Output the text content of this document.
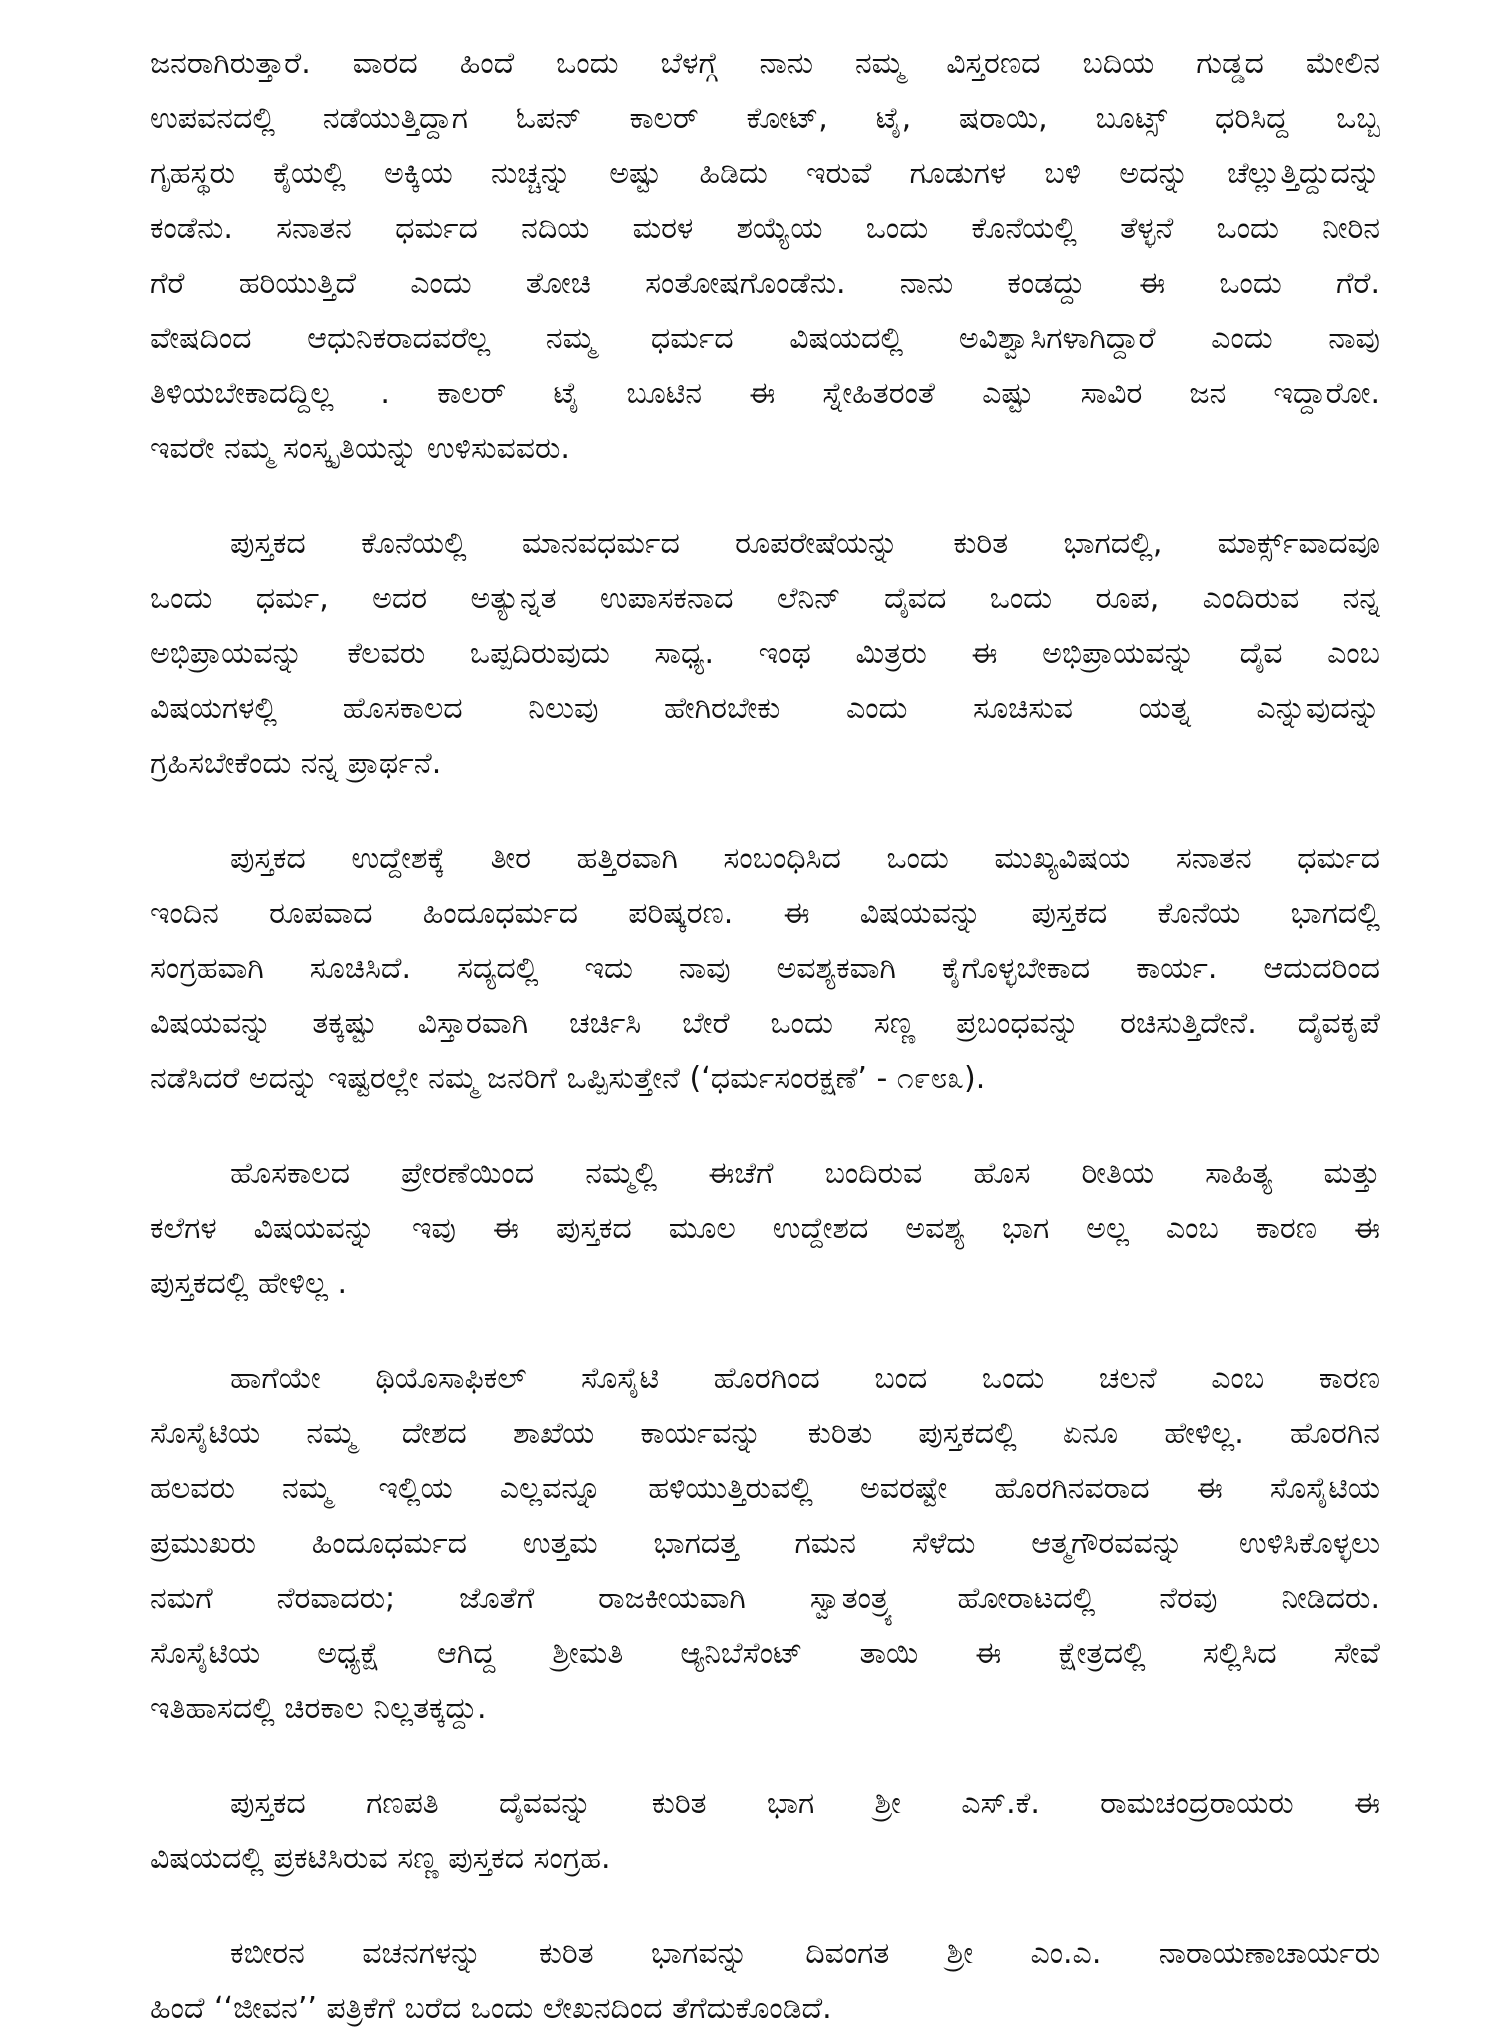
ಜನರಾಗಿರುತ್ತಾರೆ. ವಾರದ ಹಿಂದೆ ಒಂದು ಬೆಳಗ್ಗೆ ನಾನು ನಮ್ಮ ವಿಸ್ತರಣದ ಬದಿಯ ಗುಡ್ಡದ ಮೇಲಿನ
ಉಪವನದಲ್ಲಿ ನಡೆಯುತ್ತಿದ್ದಾಗ ಓಪನ್ ಕಾಲರ್ ಕೋಟ್, ಟೈ, ಷರಾಯಿ, ಬೂಟ್ಸ್ ಧರಿಸಿದ್ದ ಒಬ್ಬ
ಗೃಹಸ್ಥರು ಕೈಯಲ್ಲಿ ಅಕ್ಕಿಯ ನುಚ್ಚನ್ನು ಅಷ್ಟು ಹಿಡಿದು ಇರುವೆ ಗೂಡುಗಳ ಬಳಿ ಅದನ್ನು ಚೆಲ್ಲುತ್ತಿದ್ದುದನ್ನು
ಕಂಡೆನು. ಸನಾತನ ಧರ್ಮದ ನದಿಯ ಮರಳ ಶಯ್ಯೆಯ ಒಂದು ಕೊನೆಯಲ್ಲಿ ತೆಳ್ಳನೆ ಒಂದು ನೀರಿನ
ಗೆರೆ ಹರಿಯುತ್ತಿದೆ ಎಂದು ತೋಚಿ ಸಂತೋಷಗೊಂಡೆನು. ನಾನು ಕಂಡದ್ದು ಈ ಒಂದು ಗೆರೆ.
ವೇಷದಿಂದ ಆಧುನಿಕರಾದವರೆಲ್ಲ ನಮ್ಮ ಧರ್ಮದ ವಿಷಯದಲ್ಲಿ ಅವಿಶ್ವಾಸಿಗಳಾಗಿದ್ದಾರೆ ಎಂದು ನಾವು
ತಿಳಿಯಬೇಕಾದದ್ದಿಲ್ಲ . ಕಾಲರ್ ಟೈ ಬೂಟಿನ ಈ ಸ್ನೇಹಿತರಂತೆ ಎಷ್ಟು ಸಾವಿರ ಜನ ಇದ್ದಾರೋ.
ಇವರೇ ನಮ್ಮ ಸಂಸ್ಕೃತಿಯನ್ನು ಉಳಿಸುವವರು.
ಪುಸ್ತಕದ ಕೊನೆಯಲ್ಲಿ ಮಾನವಧರ್ಮದ ರೂಪರೇಷೆಯನ್ನು ಕುರಿತ ಭಾಗದಲ್ಲಿ, ಮಾರ್ಕ್ಸ್‌ವಾದವೂ
ಒಂದು ಧರ್ಮ, ಅದರ ಅತ್ಯುನ್ನತ ಉಪಾಸಕನಾದ ಲೆನಿನ್ ದೈವದ ಒಂದು ರೂಪ, ಎಂದಿರುವ ನನ್ನ
ಅಭಿಪ್ರಾಯವನ್ನು ಕೆಲವರು ಒಪ್ಪದಿರುವುದು ಸಾಧ್ಯ. ಇಂಥ ಮಿತ್ರರು ಈ ಅಭಿಪ್ರಾಯವನ್ನು ದೈವ ಎಂಬ
ವಿಷಯಗಳಲ್ಲಿ ಹೊಸಕಾಲದ ನಿಲುವು ಹೇಗಿರಬೇಕು ಎಂದು ಸೂಚಿಸುವ ಯತ್ನ ಎನ್ನುವುದನ್ನು
ಗ್ರಹಿಸಬೇಕೆಂದು ನನ್ನ ಪ್ರಾರ್ಥನೆ.
ಪುಸ್ತಕದ ಉದ್ದೇಶಕ್ಕೆ ತೀರ ಹತ್ತಿರವಾಗಿ ಸಂಬಂಧಿಸಿದ ಒಂದು ಮುಖ್ಯವಿಷಯ ಸನಾತನ ಧರ್ಮದ
ಇಂದಿನ ರೂಪವಾದ ಹಿಂದೂಧರ್ಮದ ಪರಿಷ್ಕರಣ. ಈ ವಿಷಯವನ್ನು ಪುಸ್ತಕದ ಕೊನೆಯ ಭಾಗದಲ್ಲಿ
ಸಂಗ್ರಹವಾಗಿ ಸೂಚಿಸಿದೆ. ಸದ್ಯದಲ್ಲಿ ಇದು ನಾವು ಅವಶ್ಯಕವಾಗಿ ಕೈಗೊಳ್ಳಬೇಕಾದ ಕಾರ್ಯ. ಆದುದರಿಂದ
ವಿಷಯವನ್ನು ತಕ್ಕಷ್ಟು ವಿಸ್ತಾರವಾಗಿ ಚರ್ಚಿಸಿ ಬೇರೆ ಒಂದು ಸಣ್ಣ ಪ್ರಬಂಧವನ್ನು ರಚಿಸುತ್ತಿದೇನೆ. ದೈವಕೃಪೆ
ನಡೆಸಿದರೆ ಅದನ್ನು ಇಷ್ಟರಲ್ಲೇ ನಮ್ಮ ಜನರಿಗೆ ಒಪ್ಪಿಸುತ್ತೇನೆ (‘ಧರ್ಮಸಂರಕ್ಷಣೆ’ - ೧೯೮೩).
ಹೊಸಕಾಲದ ಪ್ರೇರಣೆಯಿಂದ ನಮ್ಮಲ್ಲಿ ಈಚೆಗೆ ಬಂದಿರುವ ಹೊಸ ರೀತಿಯ ಸಾಹಿತ್ಯ ಮತ್ತು
ಕಲೆಗಳ ವಿಷಯವನ್ನು ಇವು ಈ ಪುಸ್ತಕದ ಮೂಲ ಉದ್ದೇಶದ ಅವಶ್ಯ ಭಾಗ ಅಲ್ಲ ಎಂಬ ಕಾರಣ ಈ
ಪುಸ್ತಕದಲ್ಲಿ ಹೇಳಿಲ್ಲ .
ಹಾಗೆಯೇ ಥಿಯೊಸಾಫಿಕಲ್ ಸೊಸೈಟಿ ಹೊರಗಿಂದ ಬಂದ ಒಂದು ಚಲನೆ ಎಂಬ ಕಾರಣ
ಸೊಸೈಟಿಯ ನಮ್ಮ ದೇಶದ ಶಾಖೆಯ ಕಾರ್ಯವನ್ನು ಕುರಿತು ಪುಸ್ತಕದಲ್ಲಿ ಏನೂ ಹೇಳಿಲ್ಲ. ಹೊರಗಿನ
ಹಲವರು ನಮ್ಮ ಇಲ್ಲಿಯ ಎಲ್ಲವನ್ನೂ ಹಳಿಯುತ್ತಿರುವಲ್ಲಿ ಅವರಷ್ಟೇ ಹೊರಗಿನವರಾದ ಈ ಸೊಸೈಟಿಯ
ಪ್ರಮುಖರು ಹಿಂದೂಧರ್ಮದ ಉತ್ತಮ ಭಾಗದತ್ತ ಗಮನ ಸೆಳೆದು ಆತ್ಮಗೌರವವನ್ನು ಉಳಿಸಿಕೊಳ್ಳಲು
ನಮಗೆ ನೆರವಾದರು; ಜೊತೆಗೆ ರಾಜಕೀಯವಾಗಿ ಸ್ವಾತಂತ್ರ್ಯ ಹೋರಾಟದಲ್ಲಿ ನೆರವು ನೀಡಿದರು.
ಸೊಸೈಟಿಯ ಅಧ್ಯಕ್ಷೆ ಆಗಿದ್ದ ಶ್ರೀಮತಿ ಆ್ಯನಿಬೆಸೆಂಟ್ ತಾಯಿ ಈ ಕ್ಷೇತ್ರದಲ್ಲಿ ಸಲ್ಲಿಸಿದ ಸೇವೆ
ಇತಿಹಾಸದಲ್ಲಿ ಚಿರಕಾಲ ನಿಲ್ಲತಕ್ಕದ್ದು.
ಪುಸ್ತಕದ ಗಣಪತಿ ದೈವವನ್ನು ಕುರಿತ ಭಾಗ ಶ್ರೀ ಎಸ್.ಕೆ. ರಾಮಚಂದ್ರರಾಯರು ಈ
ವಿಷಯದಲ್ಲಿ ಪ್ರಕಟಿಸಿರುವ ಸಣ್ಣ ಪುಸ್ತಕದ ಸಂಗ್ರಹ.
ಕಬೀರನ ವಚನಗಳನ್ನು ಕುರಿತ ಭಾಗವನ್ನು ದಿವಂಗತ ಶ್ರೀ ಎಂ.ಎ. ನಾರಾಯಣಾಚಾರ್ಯರು
ಹಿಂದೆ ‘‘ಜೀವನ’’ ಪತ್ರಿಕೆಗೆ ಬರೆದ ಒಂದು ಲೇಖನದಿಂದ ತೆಗೆದುಕೊಂಡಿದೆ.
